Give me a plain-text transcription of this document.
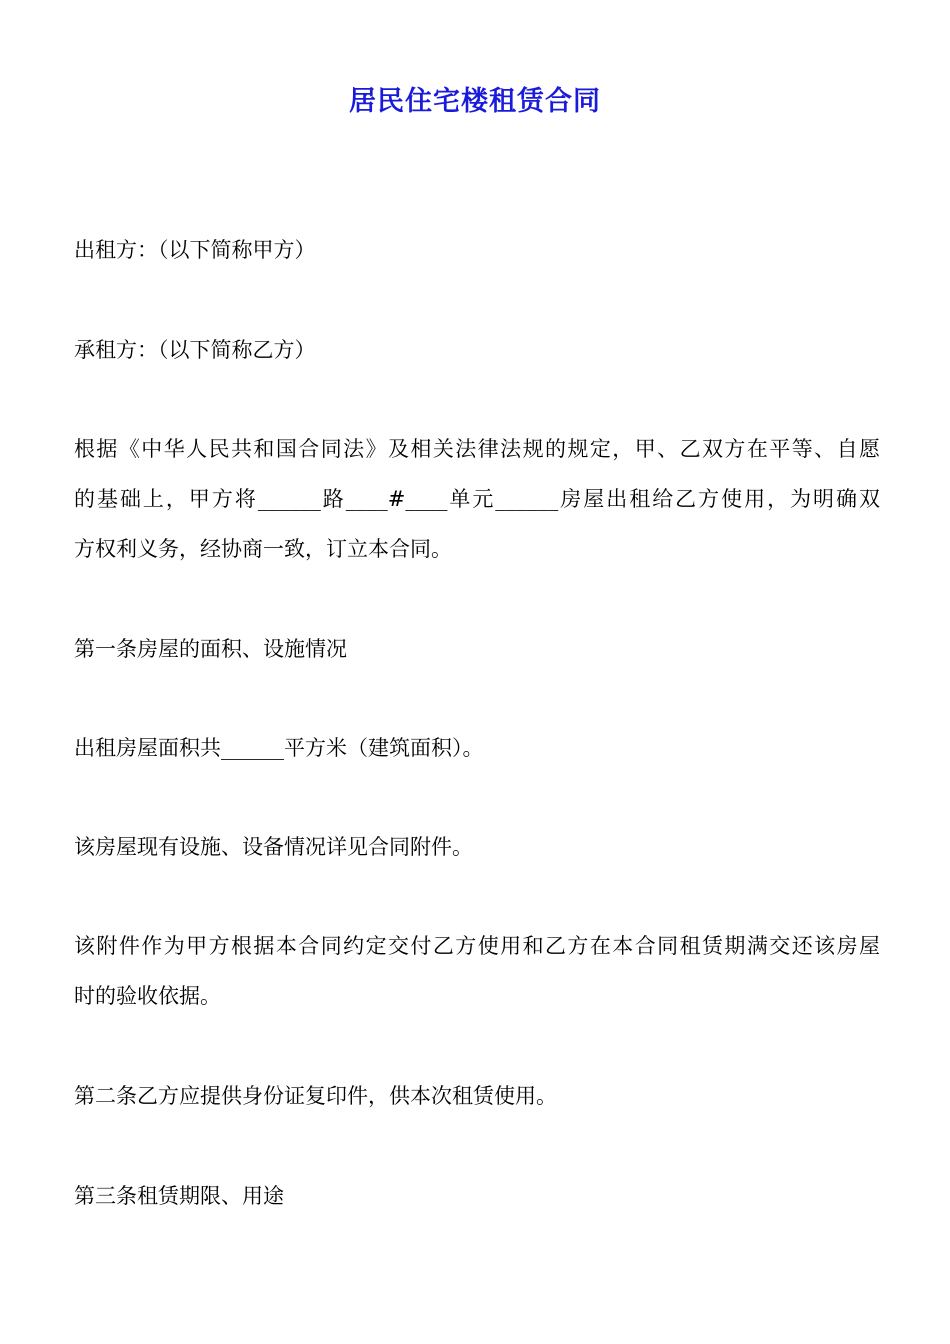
居民住宅楼租赁合同

出租方：（以下简称甲方）

承租方：（以下简称乙方）

根据《中华人民共和国合同法》及相关法律法规的规定，甲、乙双方在平等、自愿
的基础上，甲方将______路____#____单元______房屋出租给乙方使用，为明确双
方权利义务，经协商一致，订立本合同。

第一条房屋的面积、设施情况

出租房屋面积共______平方米（建筑面积）。

该房屋现有设施、设备情况详见合同附件。

该附件作为甲方根据本合同约定交付乙方使用和乙方在本合同租赁期满交还该房屋
时的验收依据。

第二条乙方应提供身份证复印件，供本次租赁使用。

第三条租赁期限、用途
